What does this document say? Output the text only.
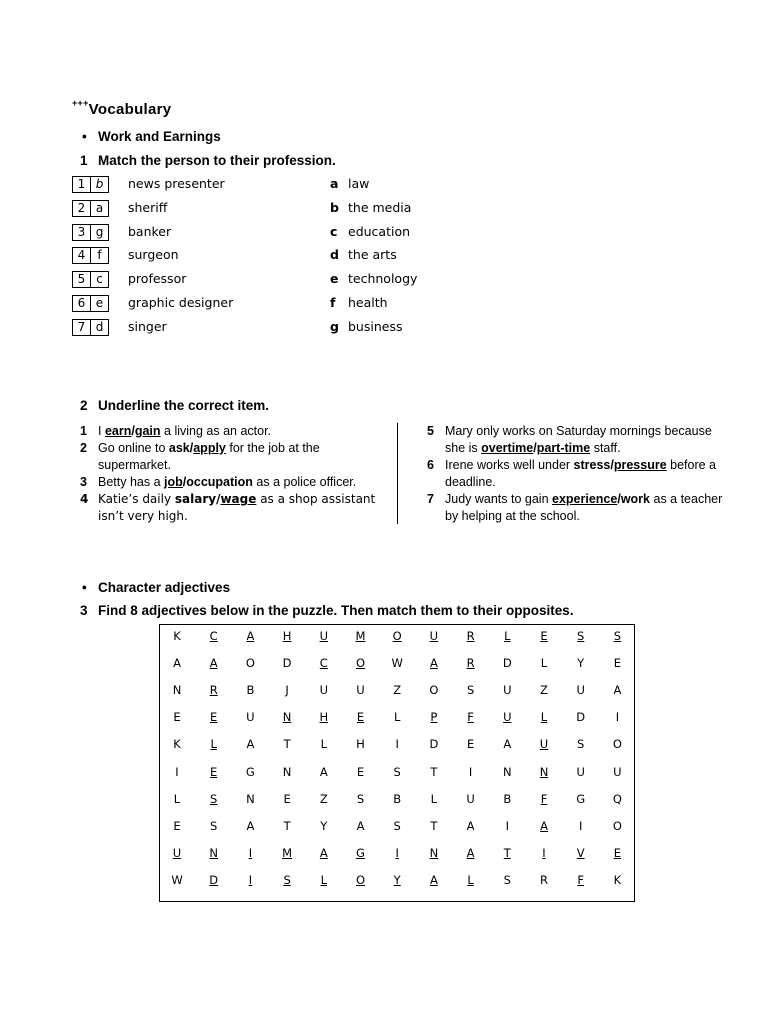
+++Vocabulary
• Work and Earnings
1 Match the person to their profession.
1 b	news presenter	a law
2 a	sheriff	b the media
3 g	banker	c education
4	f	surgeon	d the arts
5 c	professor	e technology
6 e	graphic designer	f health
7 d	singer	g business
2 Underline the correct item.
1 I earn/gain a living as an actor.
2 Go online to ask/apply for the job at the supermarket.
3 Betty has a job/occupation as a police officer.
4 Katie’s daily salary/wage as a shop assistant isn’t very high.
5 Mary only works on Saturday mornings because she is overtime/part-time staff.
6 Irene works well under stress/pressure before a deadline.
7 Judy wants to gain experience/work as a teacher by helping at the school.
• Character adjectives
3 Find 8 adjectives below in the puzzle. Then match them to their opposites.
K	C	A	H	U	M	O	U	R	L	E	S	S
A	A	O	D	C	O	W	A	R	D	L	Y	E
N	R	B	J	U	U	Z	O	S	U	Z	U	A
E	E	U	N	H	E	L	P	F	U	L	D	I
K	L	A	T	L	H	I	D	E	A	U	S	O
I	E	G	N	A	E	S	T	I	N	N	U	U
L	S	N	E	Z	S	B	L	U	B	F	G	Q
E	S	A	T	Y	A	S	T	A	I	A	I	O
U	N	I	M	A	G	I	N	A	T	I	V	E
W	D	I	S	L	O	Y	A	L	S	R	F	K
